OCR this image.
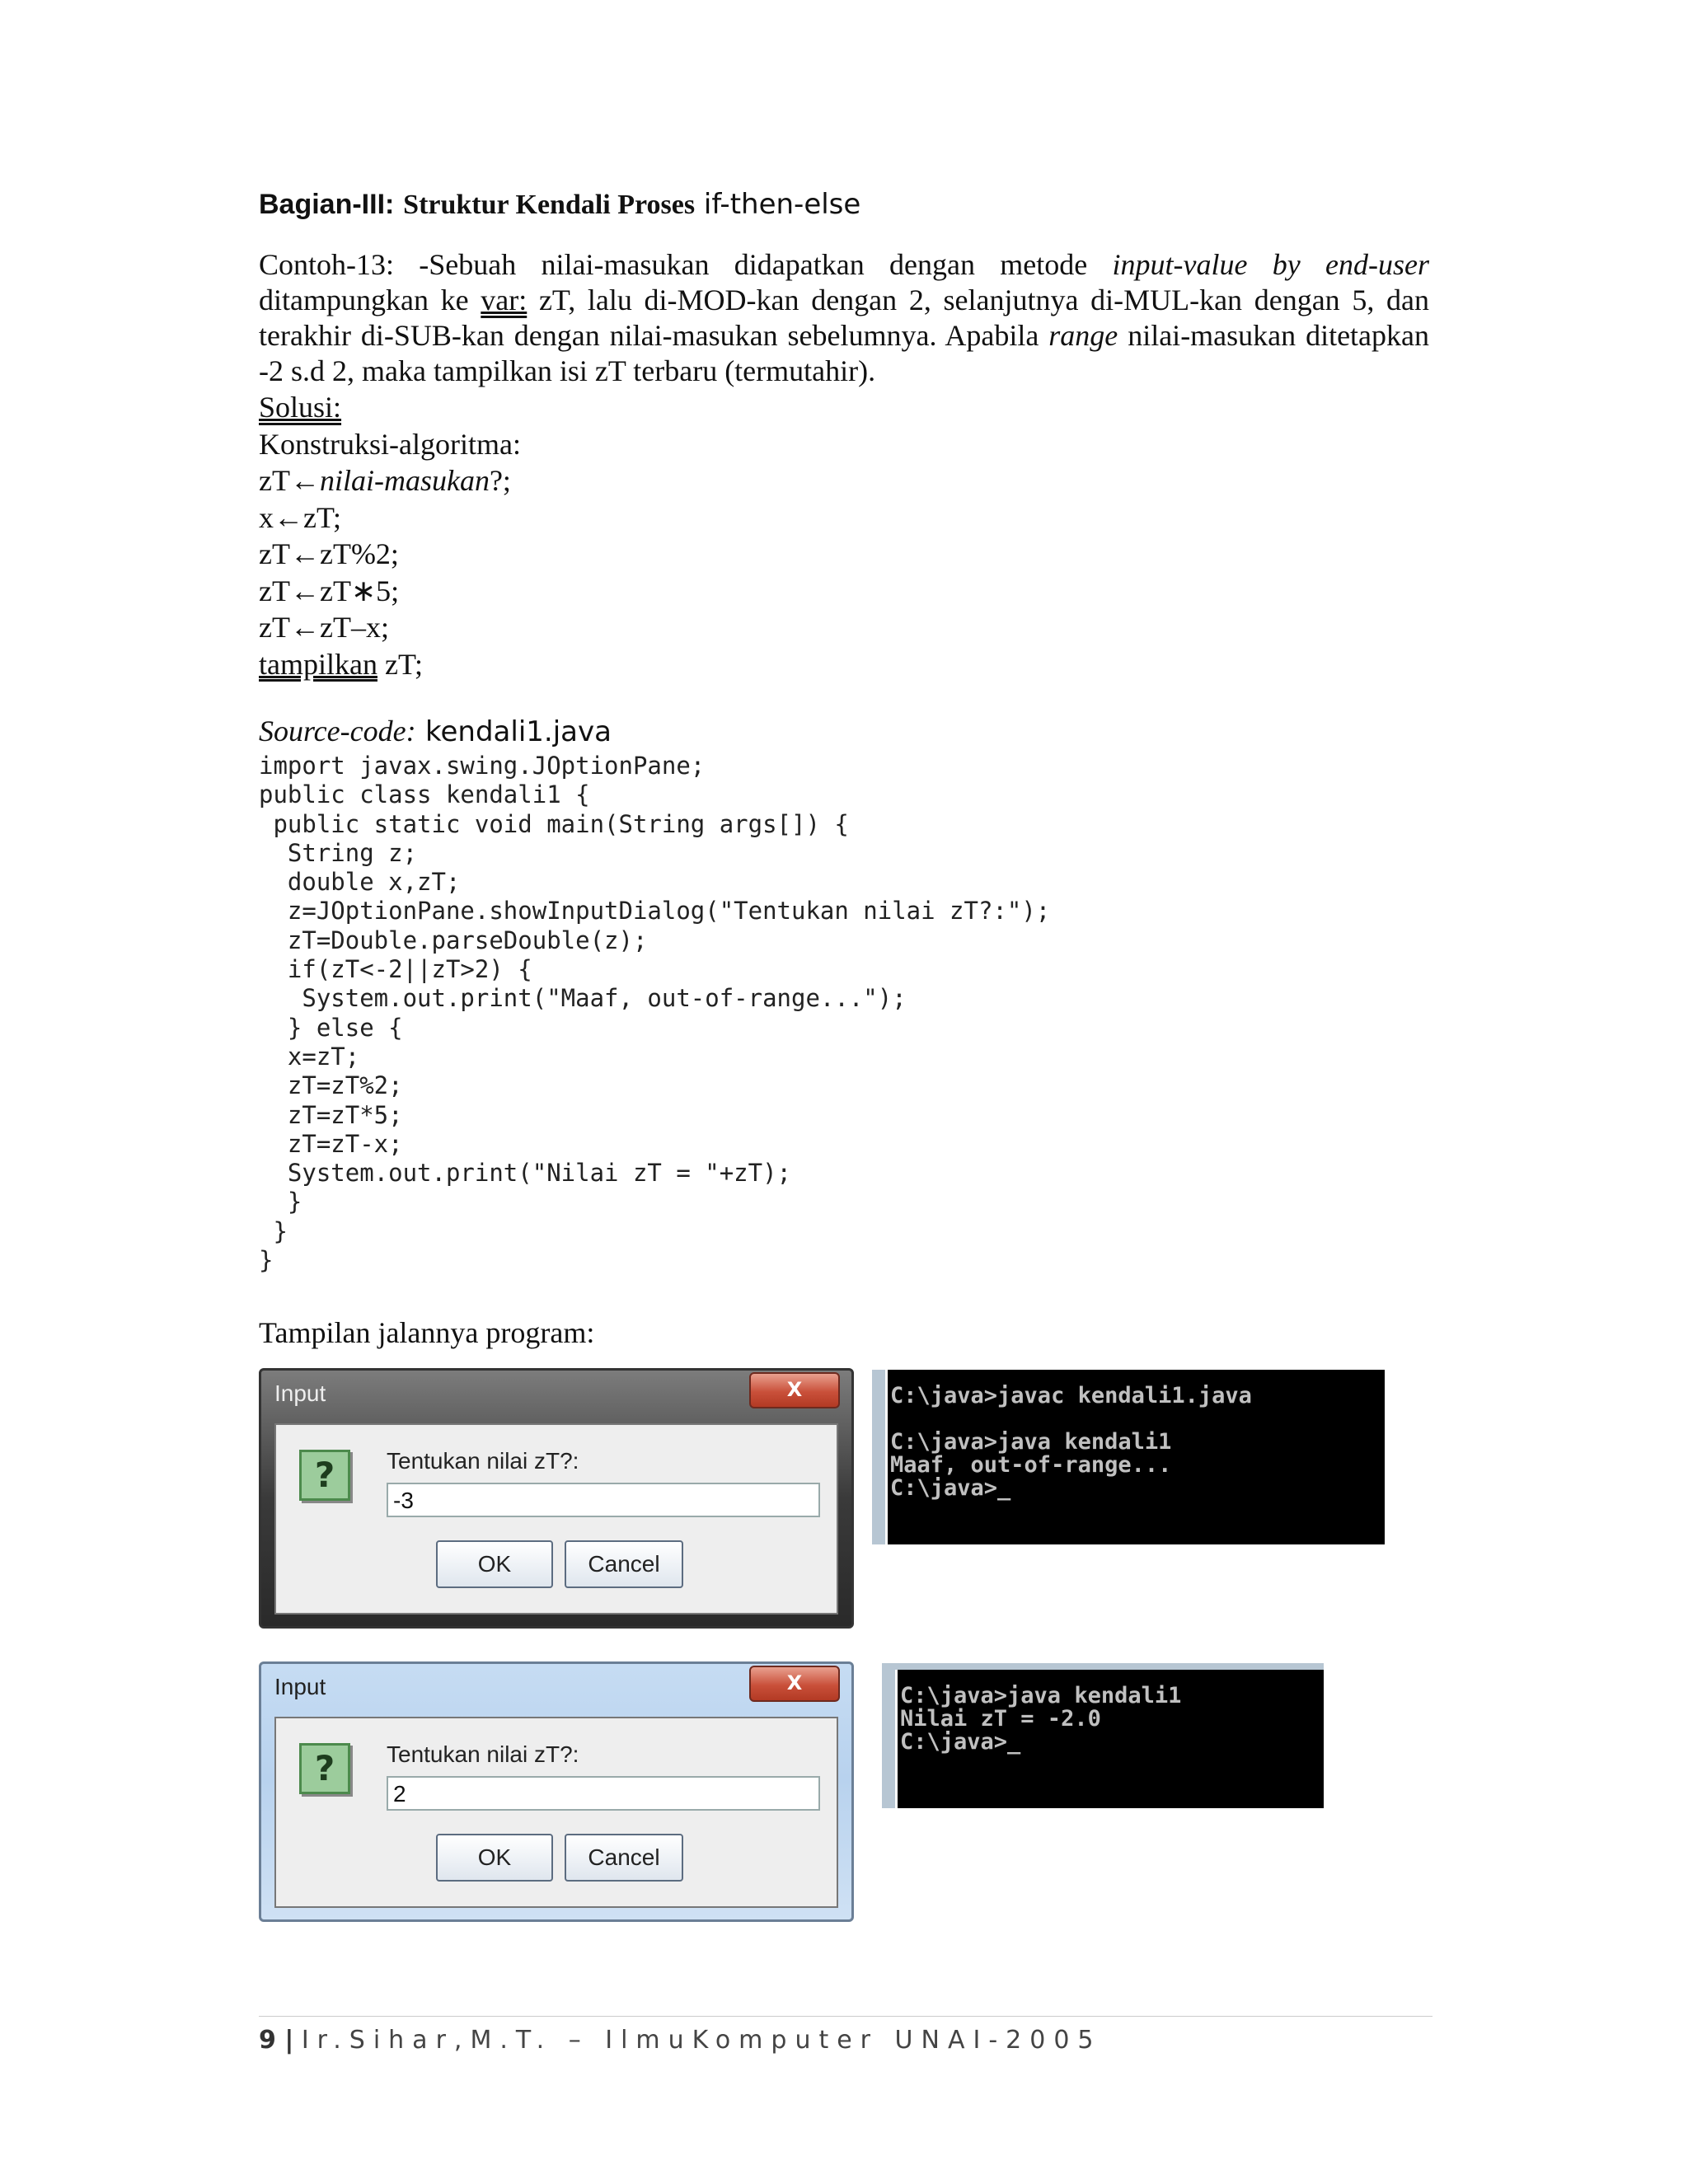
Bagian-III: Struktur Kendali Proses if-then-else
Contoh-13: -Sebuah nilai-masukan didapatkan dengan metode input-value by end-user ditampungkan ke var: zT, lalu di-MOD-kan dengan 2, selanjutnya di-MUL-kan dengan 5, dan terakhir di-SUB-kan dengan nilai-masukan sebelumnya. Apabila range nilai-masukan ditetapkan -2 s.d 2, maka tampilkan isi zT terbaru (termutahir).
Solusi:
Konstruksi-algoritma:
zT←nilai-masukan?;
x←zT;
zT←zT%2;
zT←zT∗5;
zT←zT–x;
tampilkan zT;
Source-code: kendali1.java
import javax.swing.JOptionPane;
public class kendali1 {
public static void main(String args[]) {
String z;
double x,zT;
z=JOptionPane.showInputDialog("Tentukan nilai zT?:");
zT=Double.parseDouble(z);
if(zT<-2||zT>2) {
System.out.print("Maaf, out-of-range...");
} else {
x=zT;
zT=zT%2;
zT=zT*5;
zT=zT-x;
System.out.print("Nilai zT = "+zT);
}
}
}
Tampilan jalannya program:
Input	X
?	Tentukan nilai zT?:
-3
OK	Cancel
C:\java>javac kendali1.java

C:\java>java kendali1
Maaf, out-of-range...
C:\java>_
Input	X
?	Tentukan nilai zT?:
2
OK	Cancel
C:\java>java kendali1
Nilai zT = -2.0
C:\java>_
9 | Ir.Sihar,M.T. – IlmuKomputer UNAI-2005
